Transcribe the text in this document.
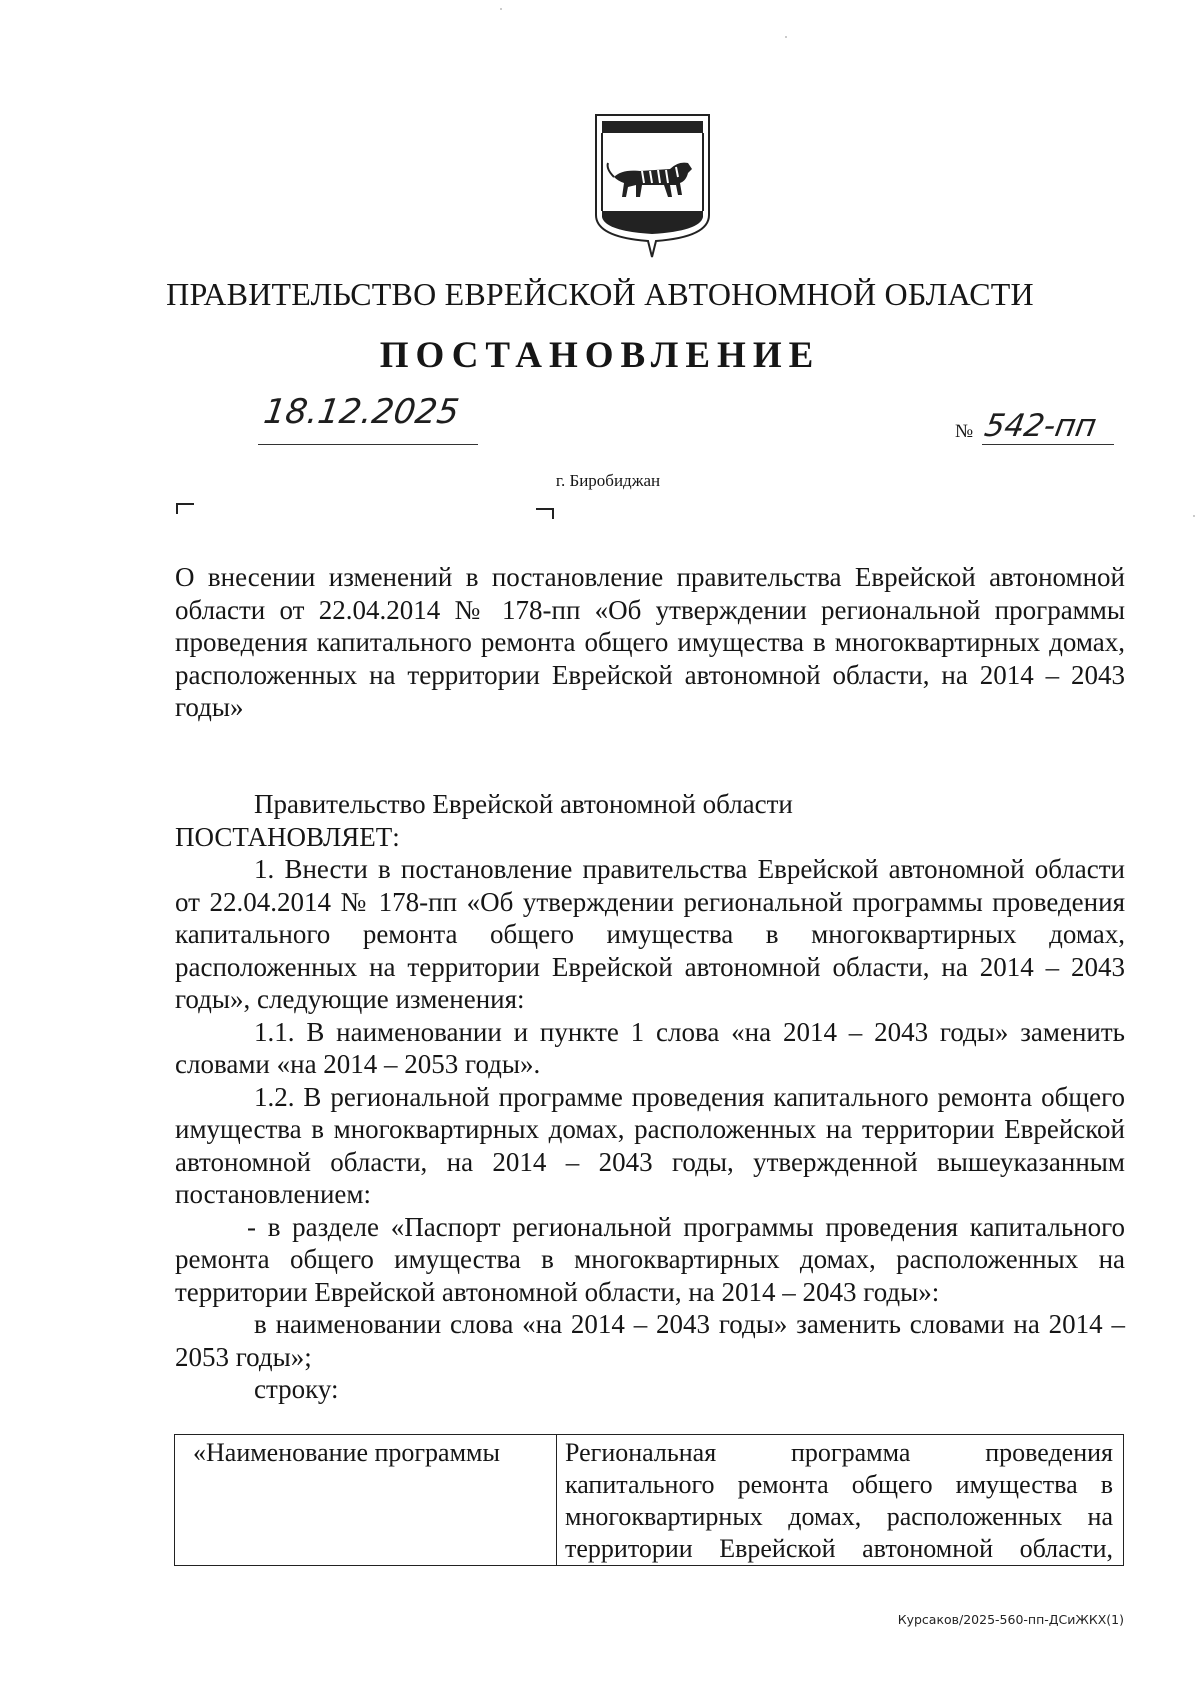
ПРАВИТЕЛЬСТВО ЕВРЕЙСКОЙ АВТОНОМНОЙ ОБЛАСТИ
ПОСТАНОВЛЕНИЕ
18.12.2025	№ 542-пп
г. Биробиджан
О внесении изменений в постановление правительства Еврейской автономной области от 22.04.2014 № 178-пп «Об утверждении региональной программы проведения капитального ремонта общего имущества в многоквартирных домах, расположенных на территории Еврейской автономной области, на 2014 – 2043 годы»

Правительство Еврейской автономной области

ПОСТАНОВЛЯЕТ:

1. Внести в постановление правительства Еврейской автономной области от 22.04.2014 № 178-пп «Об утверждении региональной программы проведения капитального ремонта общего имущества в многоквартирных домах, расположенных на территории Еврейской автономной области, на 2014 – 2043 годы», следующие изменения:

1.1. В наименовании и пункте 1 слова «на 2014 – 2043 годы» заменить словами «на 2014 – 2053 годы».

1.2. В региональной программе проведения капитального ремонта общего имущества в многоквартирных домах, расположенных на территории Еврейской автономной области, на 2014 – 2043 годы, утвержденной вышеуказанным постановлением:

- в разделе «Паспорт региональной программы проведения капитального ремонта общего имущества в многоквартирных домах, расположенных на территории Еврейской автономной области, на 2014 – 2043 годы»:

в наименовании слова «на 2014 – 2043 годы» заменить словами на 2014 – 2053 годы»;

строку:

«Наименование программы	Региональная программа проведения
капитального ремонта общего имущества в
многоквартирных домах, расположенных на
территории Еврейской автономной области,
Курсаков/2025-560-пп-ДСиЖКХ(1)
